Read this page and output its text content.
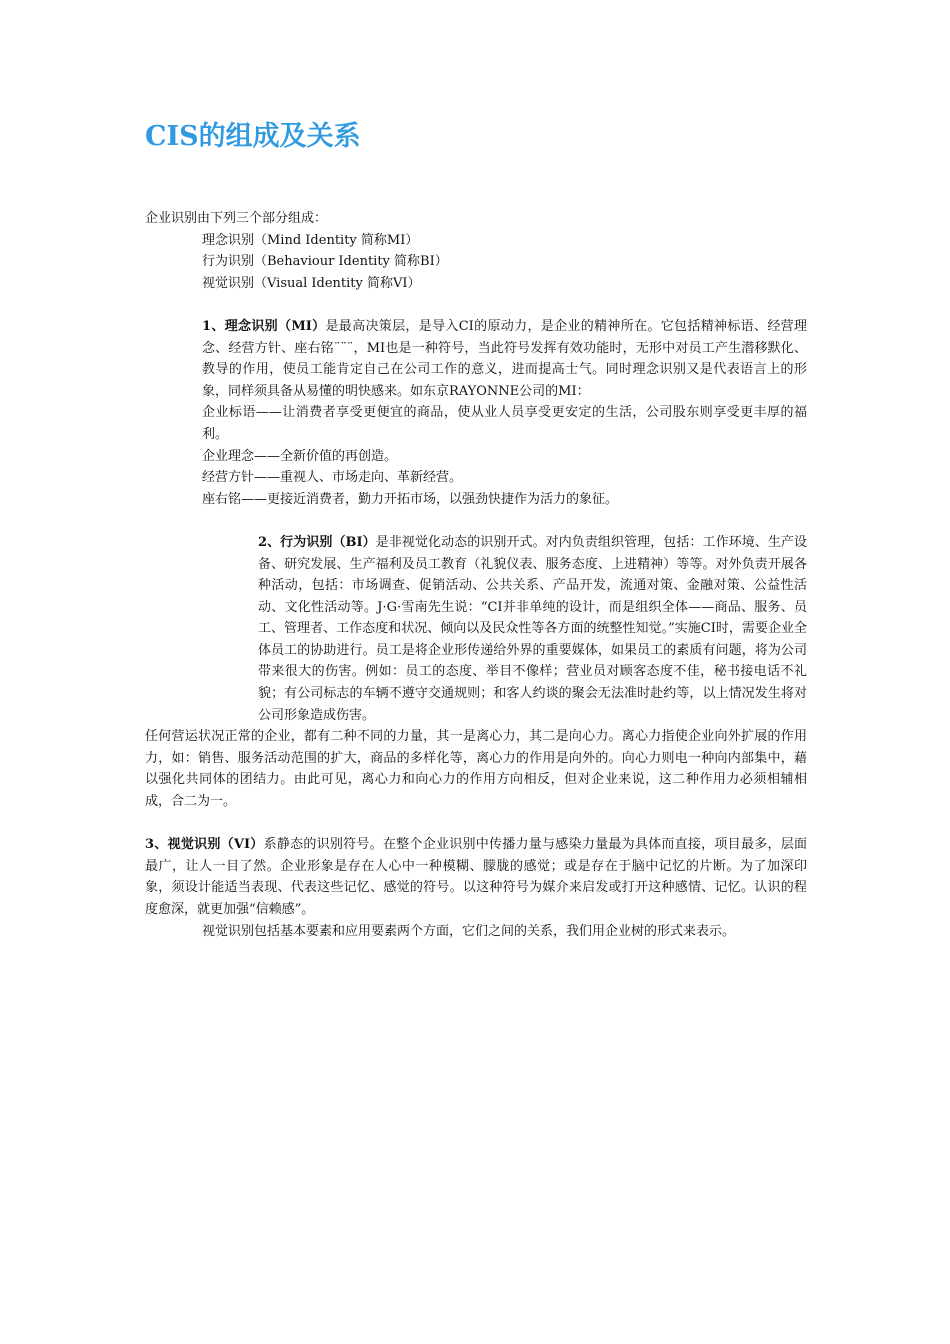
CIS的组成及关系

企业识别由下列三个部分组成：

理念识别（Mind Identity 简称MI）

行为识别（Behaviour Identity 简称BI）

视觉识别（Visual Identity 简称VI）

1、理念识别（MI）是最高决策层，是导入CI的原动力，是企业的精神所在。它包括精神标语、经营理念、经营方针、座右铭¨¨¨，MI也是一种符号，当此符号发挥有效功能时，无形中对员工产生潜移默化、教导的作用，使员工能肯定自己在公司工作的意义，进而提高士气。同时理念识别又是代表语言上的形象，同样须具备从易懂的明快感来。如东京RAYONNE公司的MI：

企业标语——让消费者享受更便宜的商品，使从业人员享受更安定的生活，公司股东则享受更丰厚的福利。

企业理念——全新价值的再创造。

经营方针——重视人、市场走向、革新经营。

座右铭——更接近消费者，勤力开拓市场，以强劲快捷作为活力的象征。

2、行为识别（BI）是非视觉化动态的识别开式。对内负责组织管理，包括：工作环境、生产设备、研究发展、生产福利及员工教育（礼貌仪表、服务态度、上进精神）等等。对外负责开展各种活动，包括：市场调查、促销活动、公共关系、产品开发，流通对策、金融对策、公益性活动、文化性活动等。J·G·雪南先生说：“CI并非单纯的设计，而是组织全体——商品、服务、员工、管理者、工作态度和状况、倾向以及民众性等各方面的统整性知觉。”实施CI时，需要企业全体员工的协助进行。员工是将企业形传递给外界的重要媒体，如果员工的素质有问题，将为公司带来很大的伤害。例如：员工的态度、举目不像样；营业员对顾客态度不佳，秘书接电话不礼貌；有公司标志的车辆不遵守交通规则；和客人约谈的聚会无法准时赴约等，以上情况发生将对公司形象造成伤害。

任何营运状况正常的企业，都有二种不同的力量，其一是离心力，其二是向心力。离心力指使企业向外扩展的作用力，如：销售、服务活动范围的扩大，商品的多样化等，离心力的作用是向外的。向心力则电一种向内部集中，藉以强化共同体的团结力。由此可见，离心力和向心力的作用方向相反，但对企业来说，这二种作用力必须相辅相成，合二为一。

3、视觉识别（VI）系静态的识别符号。在整个企业识别中传播力量与感染力量最为具体而直接，项目最多，层面最广，让人一目了然。企业形象是存在人心中一种模糊、朦胧的感觉；或是存在于脑中记忆的片断。为了加深印象，须设计能适当表现、代表这些记忆、感觉的符号。以这种符号为媒介来启发或打开这种感情、记忆。认识的程度愈深，就更加强“信赖感”。

视觉识别包括基本要素和应用要素两个方面，它们之间的关系，我们用企业树的形式来表示。
